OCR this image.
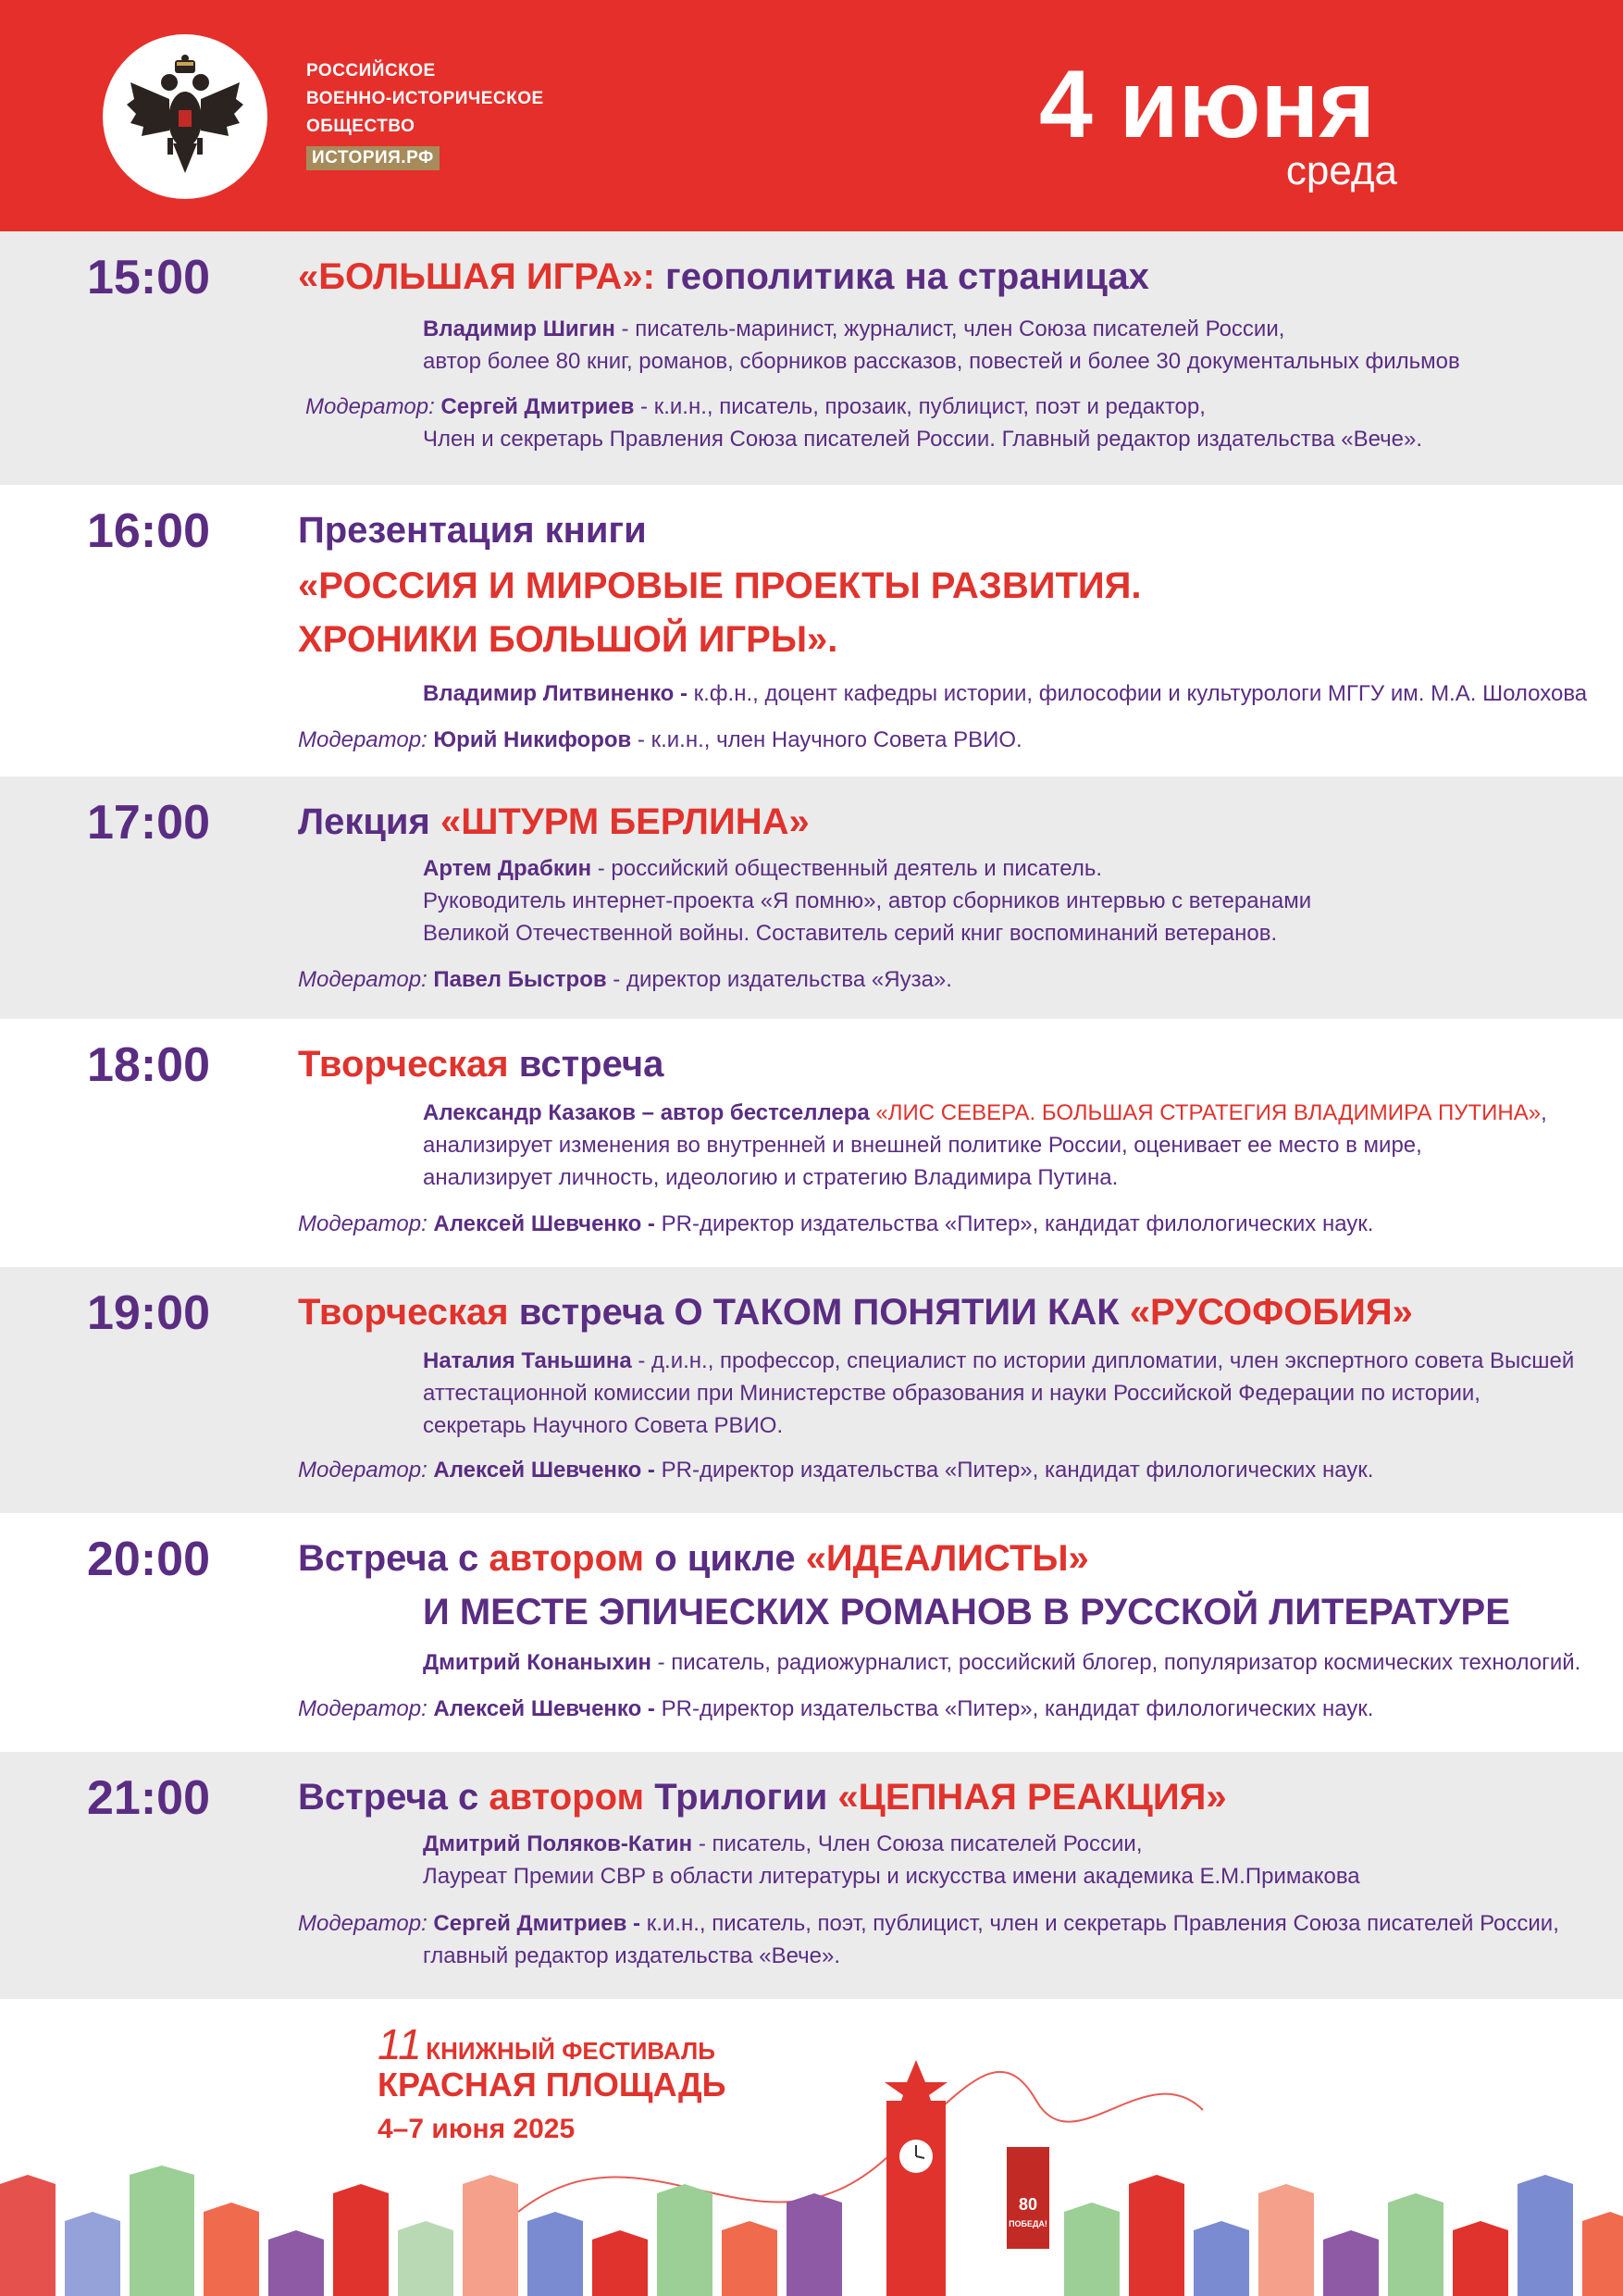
РОССИЙСКОЕ
ВОЕННО-ИСТОРИЧЕСКОЕ
ОБЩЕСТВО
ИСТОРИЯ.РФ	4 июня
среда
15:00 «БОЛЬШАЯ ИГРА»: геополитика на страницах
Владимир Шигин - писатель-маринист, журналист, член Союза писателей России,
автор более 80 книг, романов, сборников рассказов, повестей и более 30 документальных фильмов
Модератор: Сергей Дмитриев - к.и.н., писатель, прозаик, публицист, поэт и редактор,
Член и секретарь Правления Союза писателей России. Главный редактор издательства «Вече».
16:00 Презентация книги
«РОССИЯ И МИРОВЫЕ ПРОЕКТЫ РАЗВИТИЯ.
ХРОНИКИ БОЛЬШОЙ ИГРЫ».
Владимир Литвиненко - к.ф.н., доцент кафедры истории, философии и культурологи МГГУ им. М.А. Шолохова
Модератор: Юрий Никифоров - к.и.н., член Научного Совета РВИО.
17:00 Лекция «ШТУРМ БЕРЛИНА»
Артем Драбкин - российский общественный деятель и писатель.
Руководитель интернет-проекта «Я помню», автор сборников интервью с ветеранами
Великой Отечественной войны. Составитель серий книг воспоминаний ветеранов.
Модератор: Павел Быстров - директор издательства «Яуза».
18:00 Творческая встреча
Александр Казаков – автор бестселлера «ЛИС СЕВЕРА. БОЛЬШАЯ СТРАТЕГИЯ ВЛАДИМИРА ПУТИНА»,
анализирует изменения во внутренней и внешней политике России, оценивает ее место в мире,
анализирует личность, идеологию и стратегию Владимира Путина.
Модератор: Алексей Шевченко - PR-директор издательства «Питер», кандидат филологических наук.
19:00 Творческая встреча О ТАКОМ ПОНЯТИИ КАК «РУСОФОБИЯ»
Наталия Таньшина - д.и.н., профессор, специалист по истории дипломатии, член экспертного совета Высшей
аттестационной комиссии при Министерстве образования и науки Российской Федерации по истории,
секретарь Научного Совета РВИО.
Модератор: Алексей Шевченко - PR-директор издательства «Питер», кандидат филологических наук.
20:00 Встреча с автором о цикле «ИДЕАЛИСТЫ»
И МЕСТЕ ЭПИЧЕСКИХ РОМАНОВ В РУССКОЙ ЛИТЕРАТУРЕ
Дмитрий Конаныхин - писатель, радиожурналист, российский блогер, популяризатор космических технологий.
Модератор: Алексей Шевченко - PR-директор издательства «Питер», кандидат филологических наук.
21:00 Встреча с автором Трилогии «ЦЕПНАЯ РЕАКЦИЯ»
Дмитрий Поляков-Катин - писатель, Член Союза писателей России,
Лауреат Премии СВР в области литературы и искусства имени академика Е.М.Примакова
Модератор: Сергей Дмитриев - к.и.н., писатель, поэт, публицист, член и секретарь Правления Союза писателей России,
главный редактор издательства «Вече».
80
ПОБЕДА!
11 КНИЖНЫЙ ФЕСТИВАЛЬ
КРАСНАЯ ПЛОЩАДЬ
4–7 июня 2025
